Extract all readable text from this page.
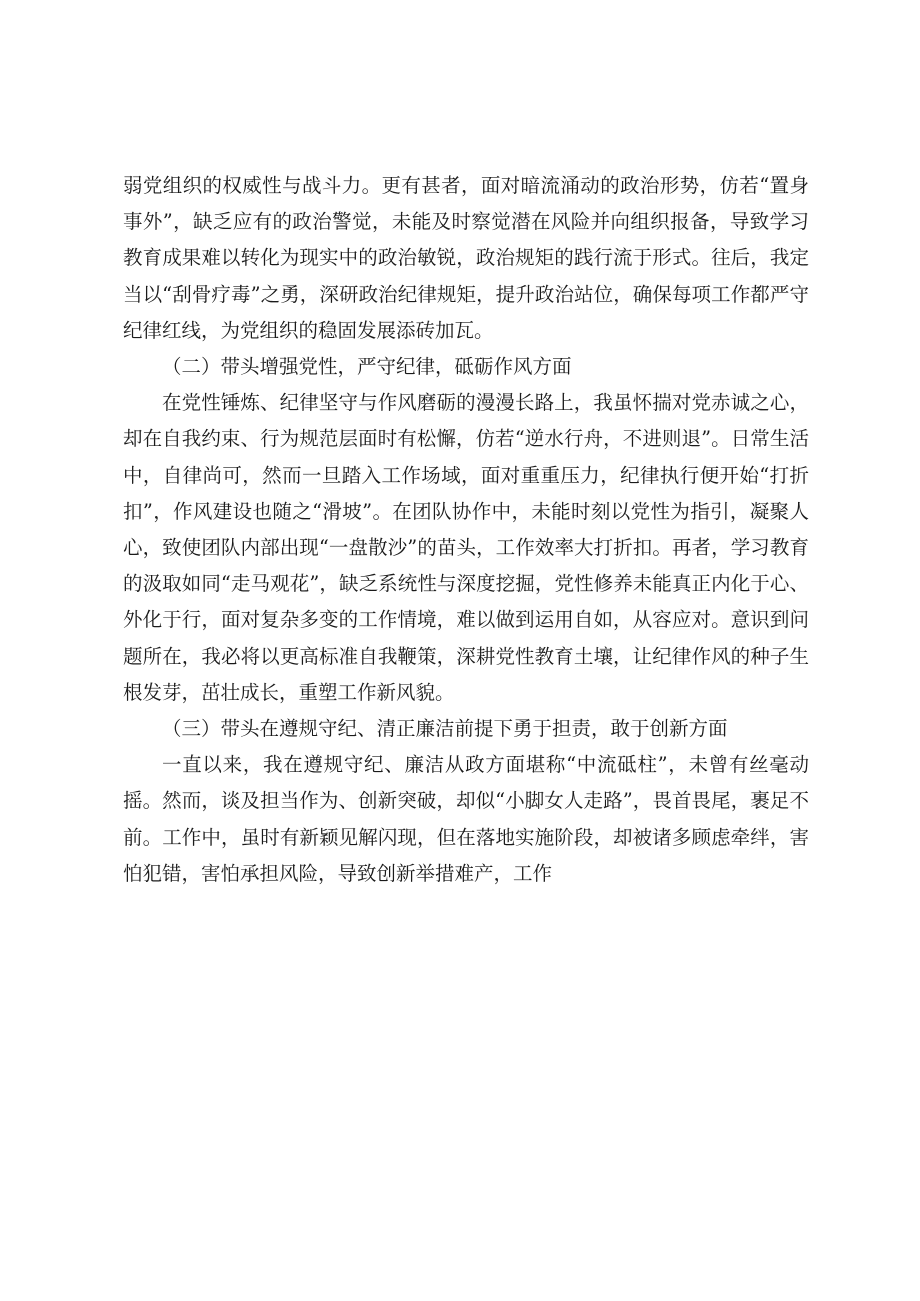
弱党组织的权威性与战斗力。更有甚者，面对暗流涌动的政治形势，仿若“置身事外”，缺乏应有的政治警觉，未能及时察觉潜在风险并向组织报备，导致学习教育成果难以转化为现实中的政治敏锐，政治规矩的践行流于形式。往后，我定当以“刮骨疗毒”之勇，深研政治纪律规矩，提升政治站位，确保每项工作都严守纪律红线，为党组织的稳固发展添砖加瓦。

（二）带头增强党性，严守纪律，砥砺作风方面

在党性锤炼、纪律坚守与作风磨砺的漫漫长路上，我虽怀揣对党赤诚之心，却在自我约束、行为规范层面时有松懈，仿若“逆水行舟，不进则退”。日常生活中，自律尚可，然而一旦踏入工作场域，面对重重压力，纪律执行便开始“打折扣”，作风建设也随之“滑坡”。在团队协作中，未能时刻以党性为指引，凝聚人心，致使团队内部出现“一盘散沙”的苗头，工作效率大打折扣。再者，学习教育的汲取如同“走马观花”，缺乏系统性与深度挖掘，党性修养未能真正内化于心、外化于行，面对复杂多变的工作情境，难以做到运用自如，从容应对。意识到问题所在，我必将以更高标准自我鞭策，深耕党性教育土壤，让纪律作风的种子生根发芽，茁壮成长，重塑工作新风貌。

（三）带头在遵规守纪、清正廉洁前提下勇于担责，敢于创新方面

一直以来，我在遵规守纪、廉洁从政方面堪称“中流砥柱”，未曾有丝毫动摇。然而，谈及担当作为、创新突破，却似“小脚女人走路”，畏首畏尾，裹足不前。工作中，虽时有新颖见解闪现，但在落地实施阶段，却被诸多顾虑牵绊，害怕犯错，害怕承担风险，导致创新举措难产，工作
